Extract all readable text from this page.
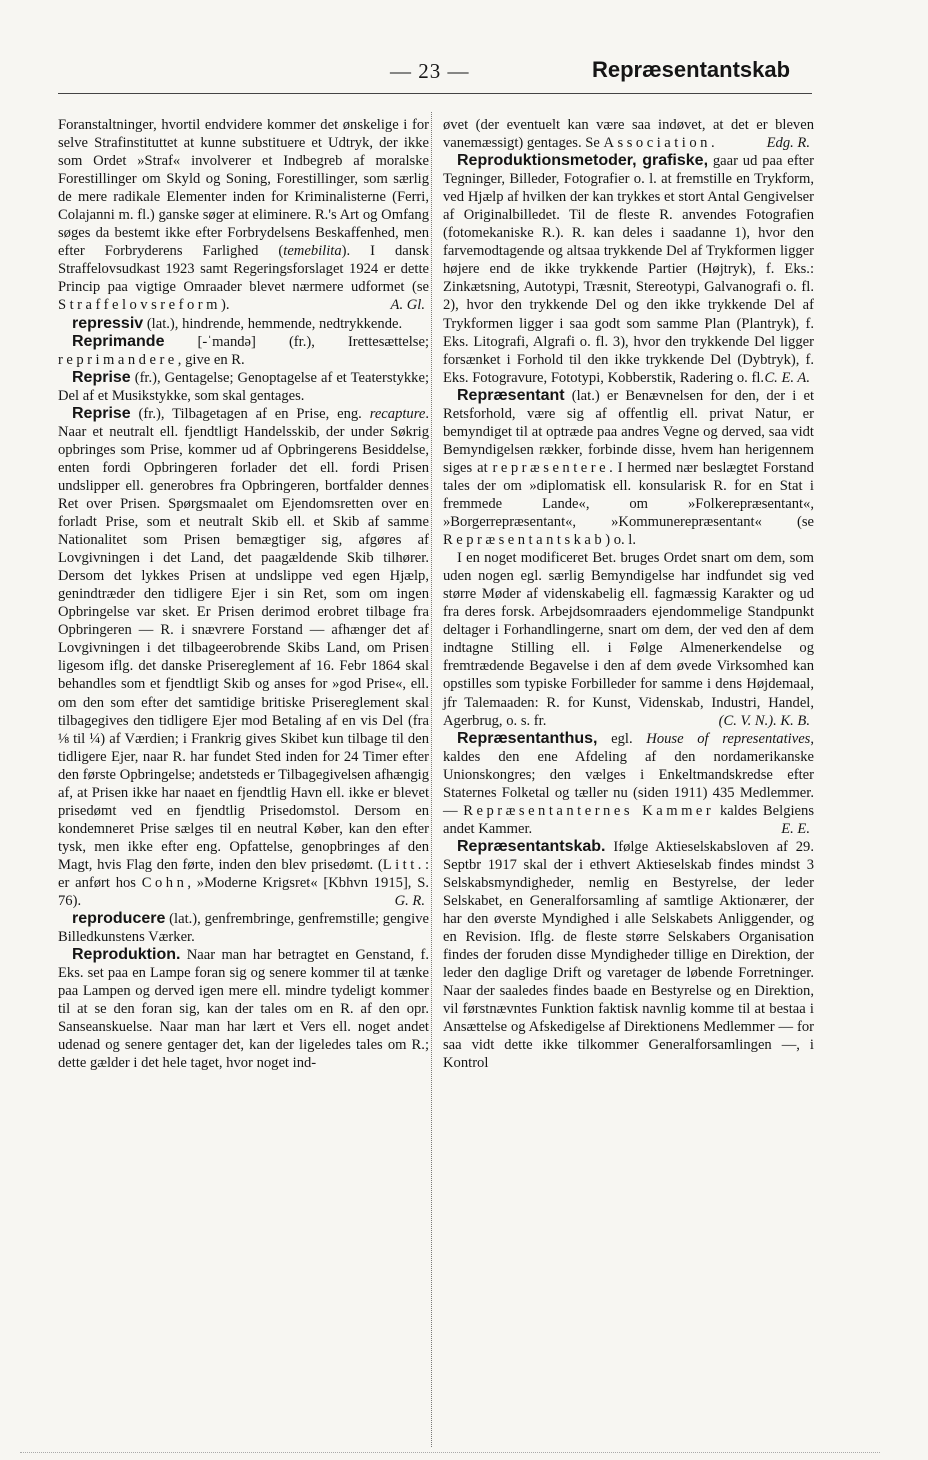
— 23 —	Repræsentantskab

Foranstaltninger, hvortil endvidere kommer det ønskelige i for selve Strafinstituttet at kunne substituere et Udtryk, der ikke som Ordet »Straf« involverer et Indbegreb af moralske Forestillinger om Skyld og Soning, Forestillinger, som særlig de mere radikale Elementer inden for Kriminalisterne (Ferri, Colajanni m. fl.) ganske søger at eliminere. R.'s Art og Omfang søges da bestemt ikke efter Forbrydelsens Beskaffenhed, men efter Forbryderens Farlighed (temebilita). I dansk Straffelovsudkast 1923 samt Regeringsforslaget 1924 er dette Princip paa vigtige Omraader blevet nærmere udformet (se Straffelovsreform).	A. Gl.

repressiv (lat.), hindrende, hemmende, nedtrykkende.

Reprimande [-ˈmandə] (fr.), Irettesættelse; reprimandere, give en R.

Reprise (fr.), Gentagelse; Genoptagelse af et Teaterstykke; Del af et Musikstykke, som skal gentages.

Reprise (fr.), Tilbagetagen af en Prise, eng. recapture. Naar et neutralt ell. fjendtligt Handelsskib, der under Søkrig opbringes som Prise, kommer ud af Opbringerens Besiddelse, enten fordi Opbringeren forlader det ell. fordi Prisen undslipper ell. generobres fra Opbringeren, bortfalder dennes Ret over Prisen. Spørgsmaalet om Ejendomsretten over en forladt Prise, som et neutralt Skib ell. et Skib af samme Nationalitet som Prisen bemægtiger sig, afgøres af Lovgivningen i det Land, det paagældende Skib tilhører. Dersom det lykkes Prisen at undslippe ved egen Hjælp, genindtræder den tidligere Ejer i sin Ret, som om ingen Opbringelse var sket. Er Prisen derimod erobret tilbage fra Opbringeren — R. i snævrere Forstand — afhænger det af Lovgivningen i det tilbageerobrende Skibs Land, om Prisen ligesom iflg. det danske Prisereglement af 16. Febr 1864 skal behandles som et fjendtligt Skib og anses for »god Prise«, ell. om den som efter det samtidige britiske Prisereglement skal tilbagegives den tidligere Ejer mod Betaling af en vis Del (fra ⅛ til ¼) af Værdien; i Frankrig gives Skibet kun tilbage til den tidligere Ejer, naar R. har fundet Sted inden for 24 Timer efter den første Opbringelse; andetsteds er Tilbagegivelsen afhængig af, at Prisen ikke har naaet en fjendtlig Havn ell. ikke er blevet prisedømt ved en fjendtlig Prisedomstol. Dersom en kondemneret Prise sælges til en neutral Køber, kan den efter tysk, men ikke efter eng. Opfattelse, genopbringes af den Magt, hvis Flag den førte, inden den blev prisedømt. (Litt.: er anført hos Cohn, »Moderne Krigsret« [Kbhvn 1915], S. 76).	G. R.

reproducere (lat.), genfrembringe, genfremstille; gengive Billedkunstens Værker.

Reproduktion. Naar man har betragtet en Genstand, f. Eks. set paa en Lampe foran sig og senere kommer til at tænke paa Lampen og derved igen mere ell. mindre tydeligt kommer til at se den foran sig, kan der tales om en R. af den opr. Sanseanskuelse. Naar man har lært et Vers ell. noget andet udenad og senere gentager det, kan der ligeledes tales om R.; dette gælder i det hele taget, hvor noget ind-

øvet (der eventuelt kan være saa indøvet, at det er bleven vanemæssigt) gentages. Se Association.	Edg. R.

Reproduktionsmetoder, grafiske, gaar ud paa efter Tegninger, Billeder, Fotografier o. l. at fremstille en Trykform, ved Hjælp af hvilken der kan trykkes et stort Antal Gengivelser af Originalbilledet. Til de fleste R. anvendes Fotografien (fotomekaniske R.). R. kan deles i saadanne 1), hvor den farvemodtagende og altsaa trykkende Del af Trykformen ligger højere end de ikke trykkende Partier (Højtryk), f. Eks.: Zinkætsning, Autotypi, Træsnit, Stereotypi, Galvanografi o. fl. 2), hvor den trykkende Del og den ikke trykkende Del af Trykformen ligger i saa godt som samme Plan (Plantryk), f. Eks. Litografi, Algrafi o. fl. 3), hvor den trykkende Del ligger forsænket i Forhold til den ikke trykkende Del (Dybtryk), f. Eks. Fotogravure, Fototypi, Kobberstik, Radering o. fl. C. E. A.

Repræsentant (lat.) er Benævnelsen for den, der i et Retsforhold, være sig af offentlig ell. privat Natur, er bemyndiget til at optræde paa andres Vegne og derved, saa vidt Bemyndigelsen rækker, forbinde disse, hvem han herigennem siges at repræsentere. I hermed nær beslægtet Forstand tales der om »diplomatisk ell. konsularisk R. for en Stat i fremmede Lande«, om »Folkerepræsentant«, »Borgerrepræsentant«, »Kommunerepræsentant« (se Repræsentantskab) o. l.

I en noget modificeret Bet. bruges Ordet snart om dem, som uden nogen egl. særlig Bemyndigelse har indfundet sig ved større Møder af videnskabelig ell. fagmæssig Karakter og ud fra deres forsk. Arbejdsomraaders ejendommelige Standpunkt deltager i Forhandlingerne, snart om dem, der ved den af dem indtagne Stilling ell. i Følge Almenerkendelse og fremtrædende Begavelse i den af dem øvede Virksomhed kan opstilles som typiske Forbilleder for samme i dens Højdemaal, jfr Talemaaden: R. for Kunst, Videnskab, Industri, Handel, Agerbrug, o. s. fr.	(C. V. N.). K. B.

Repræsentanthus, egl. House of representatives, kaldes den ene Afdeling af den nordamerikanske Unionskongres; den vælges i Enkeltmandskredse efter Staternes Folketal og tæller nu (siden 1911) 435 Medlemmer. — Repræsentanternes Kammer kaldes Belgiens andet Kammer.	E. E.

Repræsentantskab. Ifølge Aktieselskabsloven af 29. Septbr 1917 skal der i ethvert Aktieselskab findes mindst 3 Selskabsmyndigheder, nemlig en Bestyrelse, der leder Selskabet, en Generalforsamling af samtlige Aktionærer, der har den øverste Myndighed i alle Selskabets Anliggender, og en Revision. Iflg. de fleste større Selskabers Organisation findes der foruden disse Myndigheder tillige en Direktion, der leder den daglige Drift og varetager de løbende Forretninger. Naar der saaledes findes baade en Bestyrelse og en Direktion, vil førstnævntes Funktion faktisk navnlig komme til at bestaa i Ansættelse og Afskedigelse af Direktionens Medlemmer — for saa vidt dette ikke tilkommer Generalforsamlingen —, i Kontrol
